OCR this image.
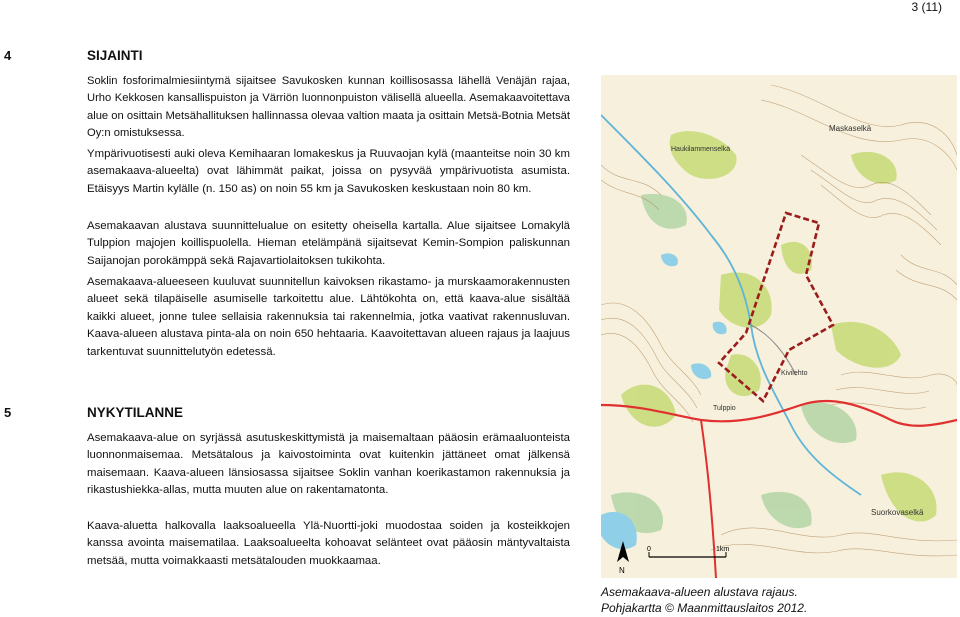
3 (11)
4	SIJAINTI

Soklin fosforimalmiesiintymä sijaitsee Savukosken kunnan koillisosassa lähellä Venäjän rajaa, Urho Kekkosen kansallispuiston ja Värriön luonnonpuiston välisellä alueella. Asemakaavoitettava alue on osittain Metsähallituksen hallinnassa olevaa valtion maata ja osittain Metsä-Botnia Metsät Oy:n omistuksessa.

Ympärivuotisesti auki oleva Kemihaaran lomakeskus ja Ruuvaojan kylä (maanteitse noin 30 km asemakaava-alueelta) ovat lähimmät paikat, joissa on pysyvää ympärivuotista asumista. Etäisyys Martin kylälle (n. 150 as) on noin 55 km ja Savukosken keskustaan noin 80 km.

Asemakaavan alustava suunnittelualue on esitetty oheisella kartalla. Alue sijaitsee Lomakylä Tulppion majojen koillispuolella. Hieman etelämpänä sijaitsevat Kemin-Sompion paliskunnan Saijanojan porokämppä sekä Rajavartiolaitoksen tukikohta.

Asemakaava-alueeseen kuuluvat suunnitellun kaivoksen rikastamo- ja murskaamorakennusten alueet sekä tilapäiselle asumiselle tarkoitettu alue. Lähtökohta on, että kaava-alue sisältää kaikki alueet, jonne tulee sellaisia rakennuksia tai rakennelmia, jotka vaativat rakennusluvan. Kaava-alueen alustava pinta-ala on noin 650 hehtaaria. Kaavoitettavan alueen rajaus ja laajuus tarkentuvat suunnittelutyön edetessä.

5	NYKYTILANNE

Asemakaava-alue on syrjässä asutuskeskittymistä ja maisemaltaan pääosin erämaaluonteista luonnonmaisemaa. Metsätalous ja kaivostoiminta ovat kuitenkin jättäneet omat jälkensä maisemaan. Kaava-alueen länsiosassa sijaitsee Soklin vanhan koerikastamon rakennuksia ja rikastushiekka-allas, mutta muuten alue on rakentamatonta.

Kaava-aluetta halkovalla laaksoalueella Ylä-Nuortti-joki muodostaa soiden ja kosteikkojen kanssa avointa maisematilaa. Laaksoalueelta kohoavat selänteet ovat pääosin mäntyvaltaista metsää, mutta voimakkaasti metsätalouden muokkaamaa.

Maskaselkä
Haukilammenselkä
Kivilehto
Suorkovaselkä
Tulppio
N
0	1km
Asemakaava-alueen alustava rajaus.
Pohjakartta © Maanmittauslaitos 2012.
